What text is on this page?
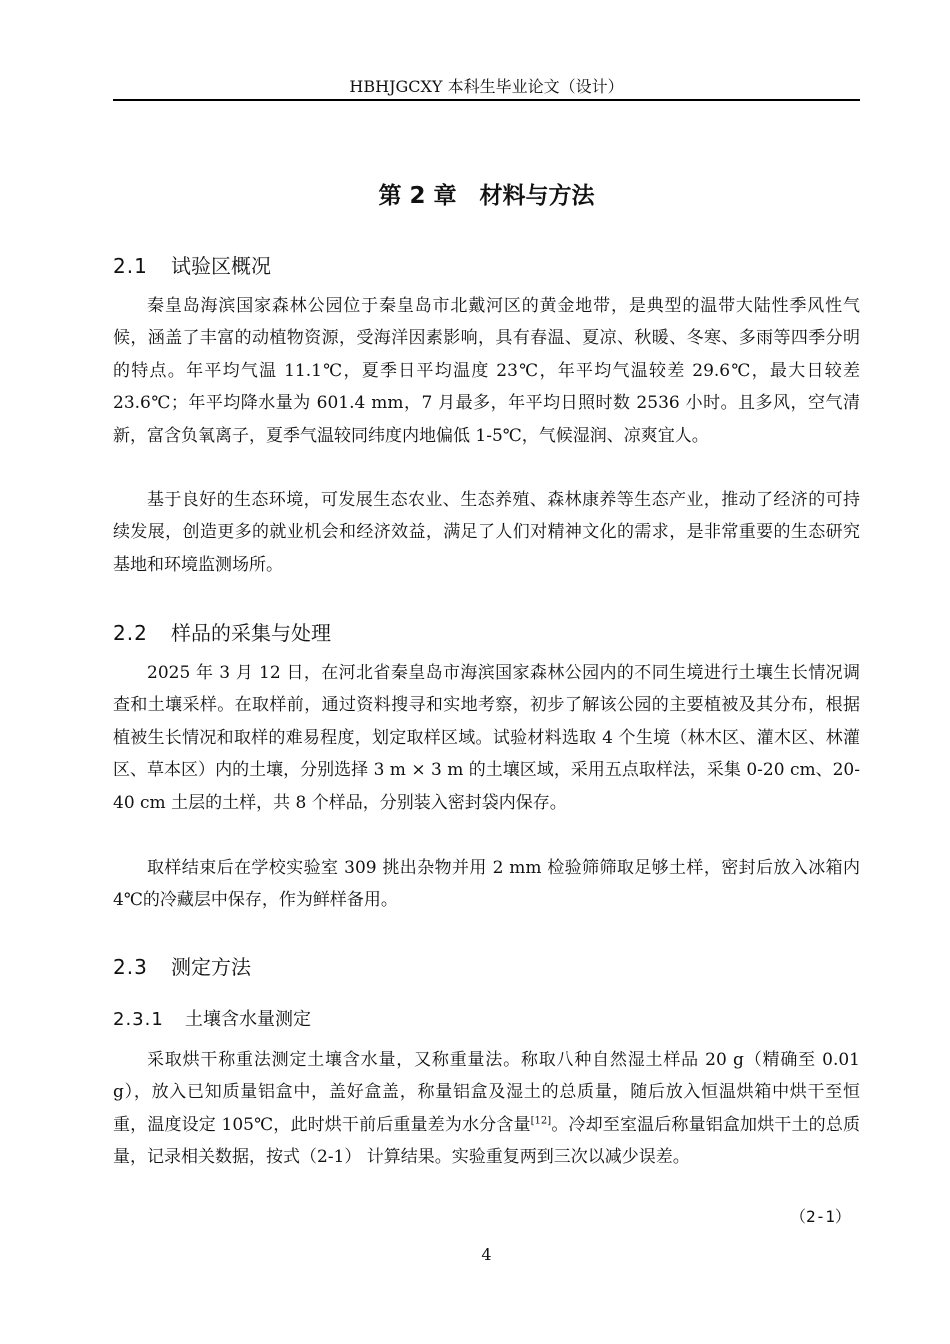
HBHJGCXY 本科生毕业论文（设计）
第 2 章　材料与方法
2.1 试验区概况

秦皇岛海滨国家森林公园位于秦皇岛市北戴河区的黄金地带，是典型的温带大陆性季风性气候，涵盖了丰富的动植物资源，受海洋因素影响，具有春温、夏凉、秋暖、冬寒、多雨等四季分明的特点。年平均气温 11.1℃，夏季日平均温度 23℃，年平均气温较差 29.6℃，最大日较差 23.6℃；年平均降水量为 601.4 mm，7 月最多，年平均日照时数 2536 小时。且多风，空气清新，富含负氧离子，夏季气温较同纬度内地偏低 1-5℃，气候湿润、凉爽宜人。

基于良好的生态环境，可发展生态农业、生态养殖、森林康养等生态产业，推动了经济的可持续发展，创造更多的就业机会和经济效益，满足了人们对精神文化的需求，是非常重要的生态研究基地和环境监测场所。

2.2 样品的采集与处理

2025 年 3 月 12 日，在河北省秦皇岛市海滨国家森林公园内的不同生境进行土壤生长情况调查和土壤采样。在取样前，通过资料搜寻和实地考察，初步了解该公园的主要植被及其分布，根据植被生长情况和取样的难易程度，划定取样区域。试验材料选取 4 个生境（林木区、灌木区、林灌区、草本区）内的土壤，分别选择 3 m × 3 m 的土壤区域，采用五点取样法，采集 0-20 cm、20-40 cm 土层的土样，共 8 个样品，分别装入密封袋内保存。

取样结束后在学校实验室 309 挑出杂物并用 2 mm 检验筛筛取足够土样，密封后放入冰箱内 4℃的冷藏层中保存，作为鲜样备用。

2.3 测定方法
2.3.1 土壤含水量测定

采取烘干称重法测定土壤含水量，又称重量法。称取八种自然湿土样品 20 g（精确至 0.01 g），放入已知质量铝盒中，盖好盒盖，称量铝盒及湿土的总质量，随后放入恒温烘箱中烘干至恒重，温度设定 105℃，此时烘干前后重量差为水分含量[12]。冷却至室温后称量铝盒加烘干土的总质量，记录相关数据，按式（2-1） 计算结果。实验重复两到三次以减少误差。

（2-1）
4
